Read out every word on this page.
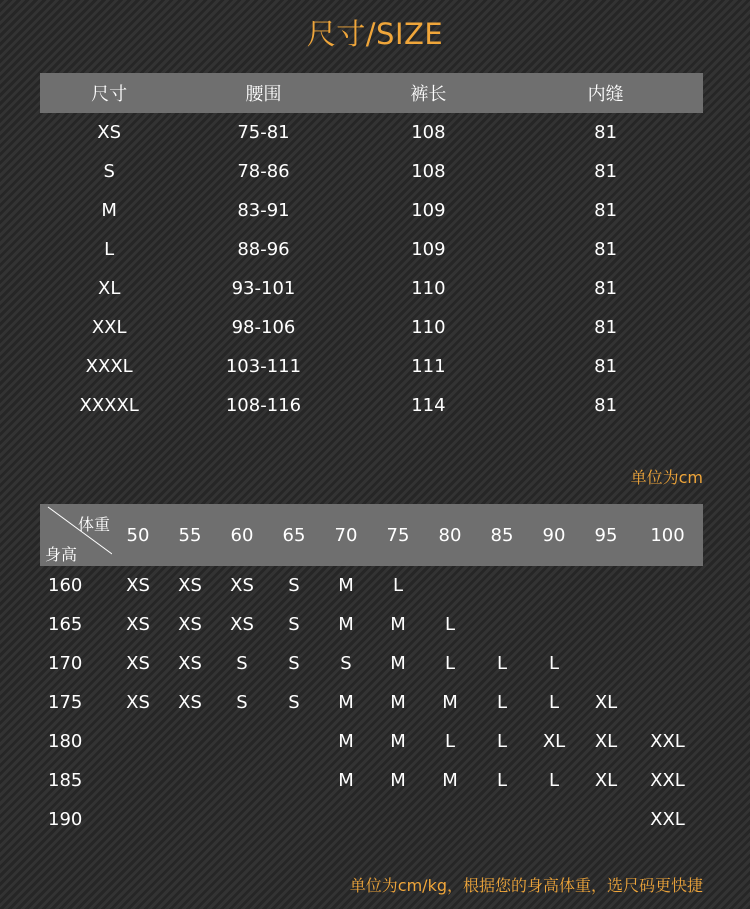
尺寸/SIZE
尺寸	腰围	裤长	内缝
XS	75-81	108	81
S	78-86	108	81
M	83-91	109	81
L	88-96	109	81
XL	93-101	110	81
XXL	98-106	110	81
XXXL	103-111	111	81
XXXXL	108-116	114	81
单位为cm
体重
身高	50	55	60	65	70	75	80	85	90	95	100
160	XS	XS	XS	S	M	L					
165	XS	XS	XS	S	M	M	L				
170	XS	XS	S	S	S	M	L	L	L		
175	XS	XS	S	S	M	M	M	L	L	XL	
180					M	M	L	L	XL	XL	XXL
185					M	M	M	L	L	XL	XXL
190											XXL
单位为cm/kg，根据您的身高体重，选尺码更快捷
